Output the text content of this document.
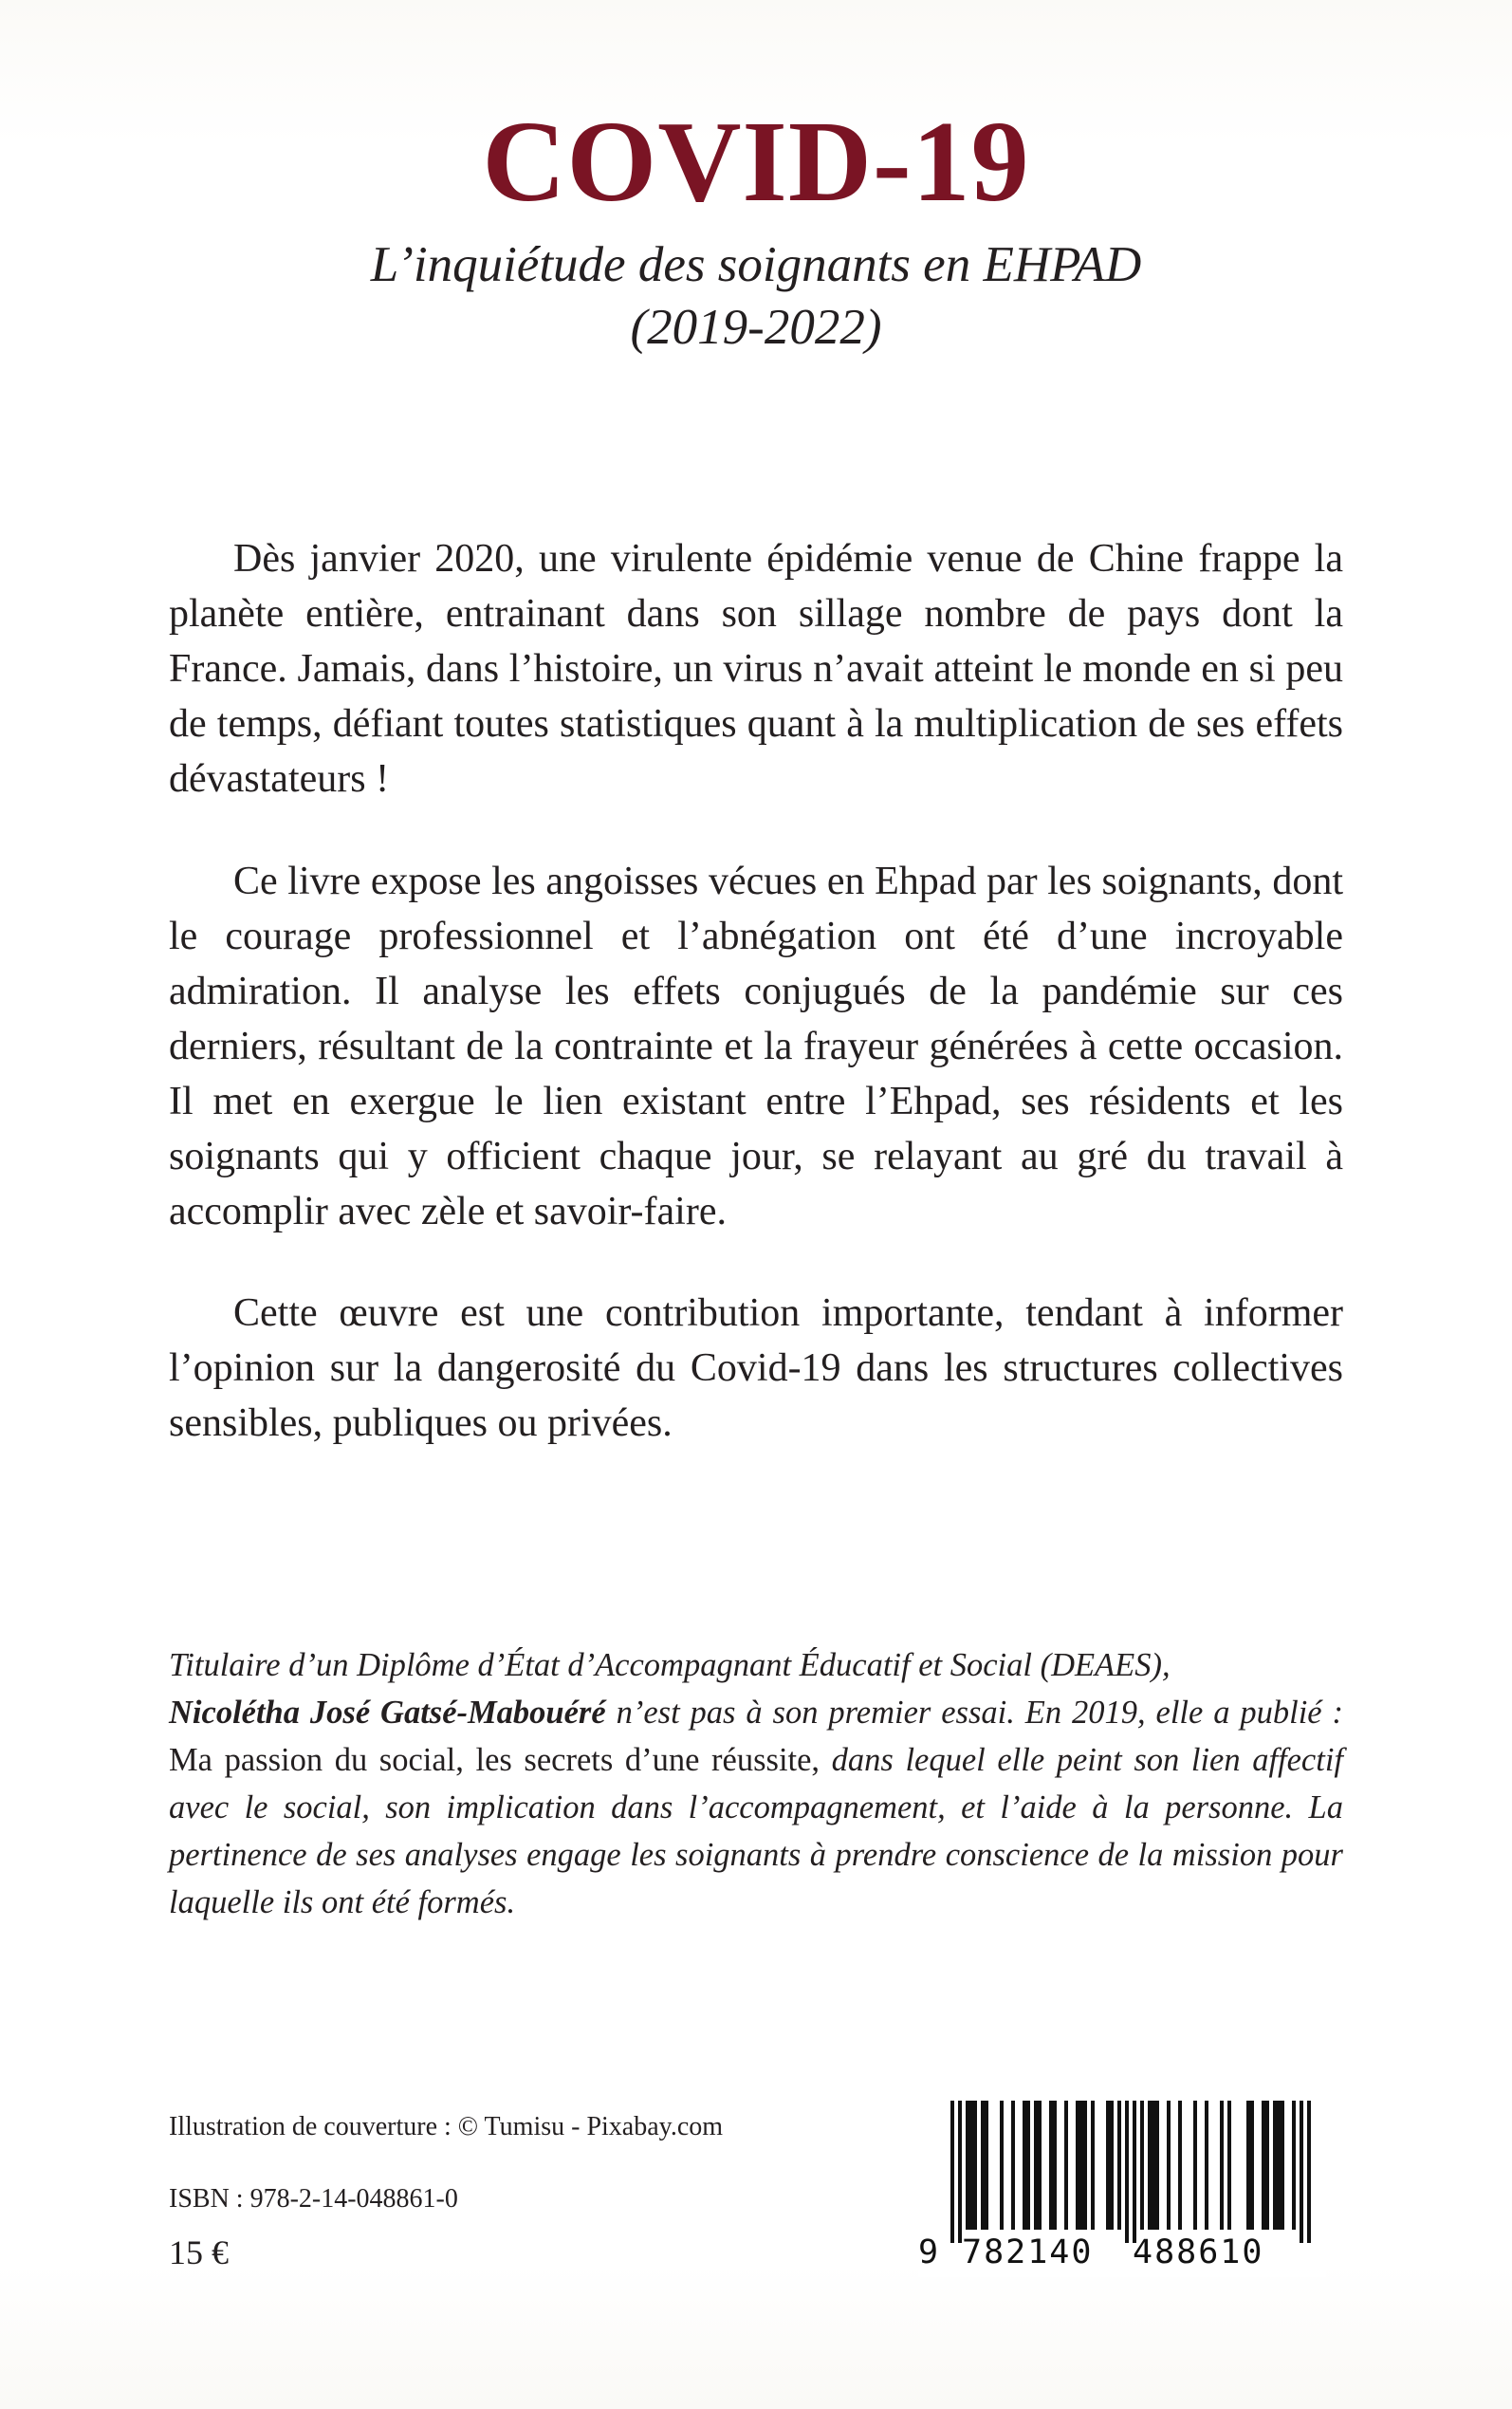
COVID-19
L’inquiétude des soignants en EHPAD
(2019-2022)

Dès janvier 2020, une virulente épidémie venue de Chine frappe la planète entière, entrainant dans son sillage nombre de pays dont la France. Jamais, dans l’histoire, un virus n’avait atteint le monde en si peu de temps, défiant toutes statistiques quant à la multiplication de ses effets dévastateurs !

Ce livre expose les angoisses vécues en Ehpad par les soignants, dont le courage professionnel et l’abnégation ont été d’une incroyable admiration. Il analyse les effets conjugués de la pandémie sur ces derniers, résultant de la contrainte et la frayeur générées à cette occasion. Il met en exergue le lien existant entre l’Ehpad, ses résidents et les soignants qui y officient chaque jour, se relayant au gré du travail à accomplir avec zèle et savoir-faire.

Cette œuvre est une contribution importante, tendant à informer l’opinion sur la dangerosité du Covid-19 dans les structures collectives sensibles, publiques ou privées.

Titulaire d’un Diplôme d’État d’Accompagnant Éducatif et Social (DEAES),
Nicolétha José Gatsé-Mabouéré n’est pas à son premier essai. En 2019, elle a publié : Ma passion du social, les secrets d’une réussite, dans lequel elle peint son lien affectif avec le social, son implication dans l’accompagnement, et l’aide à la personne. La pertinence de ses analyses engage les soignants à prendre conscience de la mission pour laquelle ils ont été formés.

Illustration de couverture : © Tumisu - Pixabay.com
ISBN : 978-2-14-048861-0
15 €	9 782140 488610
